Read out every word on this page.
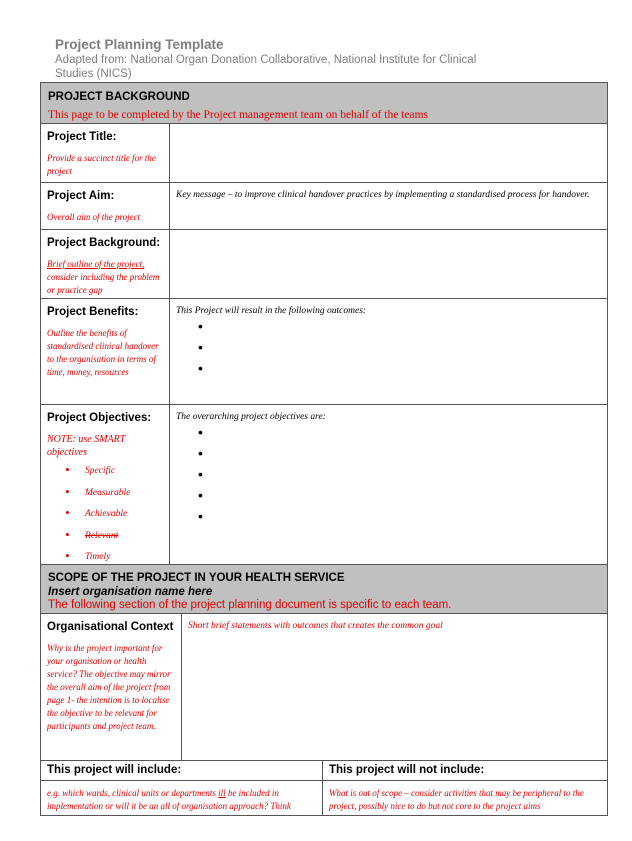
Project Planning Template

Adapted from: National Organ Donation Collaborative, National Institute for Clinical

Studies (NICS)

PROJECT BACKGROUND
This page to be completed by the Project management team on behalf of the teams
Project Title:
Provide a succinct title for the project
Project Aim:
Overall aim of the project
Key message – to improve clinical handover practices by implementing a standardised process for handover.
Project Background:
Brief outline of the project, consider including the problem or practice gap
Project Benefits:
Outline the benefits of standardised clinical handover to the organisation in terms of time, money, resources
This Project will result in the following outcomes:
•
•
•
Project Objectives:
NOTE: use SMART objectives
• Specific
• Measurable
• Achievable
• Relevant
• Timely
The overarching project objectives are:
•
•
•
•
•
SCOPE OF THE PROJECT IN YOUR HEALTH SERVICE
Insert organisation name here
The following section of the project planning document is specific to each team.
Organisational Context
Why is the project important for your organisation or health service? The objective may mirror the overall aim of the project from page 1- the intention is to localise the objective to be relevant for participants and project team.
Short brief statements with outcomes that creates the common goal
This project will include:	This project will not include:
e.g. which wards, clinical units or departments ill be included in implementation or will it be an all of organisation approach? Think
What is out of scope – consider activities that may be peripheral to the project, possibly nice to do but not core to the project aims
